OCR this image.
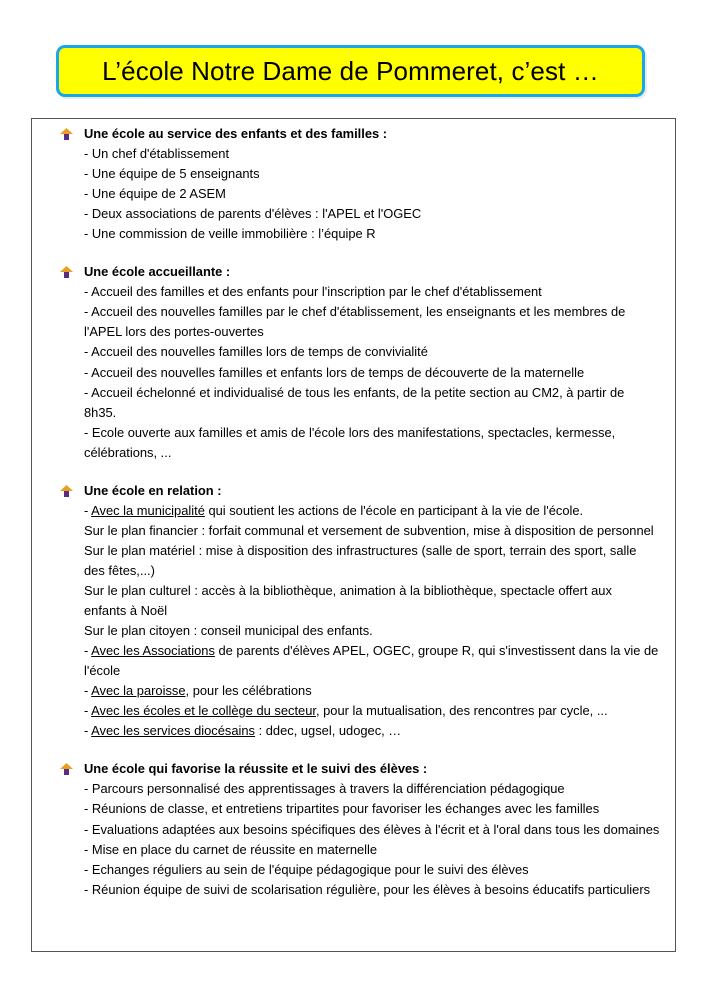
L’école Notre Dame de Pommeret, c’est …
Une école au service des enfants et des familles :
- Un chef d'établissement
- Une équipe de 5 enseignants
- Une équipe de 2 ASEM
- Deux associations de parents d'élèves : l'APEL et l'OGEC
- Une commission de veille immobilière : l’équipe R
Une école accueillante :
- Accueil des familles et des enfants pour l'inscription par le chef d'établissement
- Accueil des nouvelles familles par le chef d'établissement, les enseignants et les membres de
l'APEL lors des portes-ouvertes
- Accueil des nouvelles familles lors de temps de convivialité
- Accueil des nouvelles familles et enfants lors de temps de découverte de la maternelle
- Accueil échelonné et individualisé de tous les enfants, de la petite section au CM2, à partir de
8h35.
- Ecole ouverte aux familles et amis de l'école lors des manifestations, spectacles, kermesse,
célébrations, ...
Une école en relation :
- Avec la municipalité qui soutient les actions de l'école en participant à la vie de l'école.
Sur le plan financier : forfait communal et versement de subvention, mise à disposition de personnel
Sur le plan matériel : mise à disposition des infrastructures (salle de sport, terrain des sport, salle
des fêtes,...)
Sur le plan culturel : accès à la bibliothèque, animation à la bibliothèque, spectacle offert aux
enfants à Noël
Sur le plan citoyen : conseil municipal des enfants.
- Avec les Associations de parents d'élèves APEL, OGEC, groupe R, qui s'investissent dans la vie de
l'école
- Avec la paroisse, pour les célébrations
- Avec les écoles et le collège du secteur, pour la mutualisation, des rencontres par cycle, ...
- Avec les services diocésains : ddec, ugsel, udogec, …
Une école qui favorise la réussite et le suivi des élèves :
- Parcours personnalisé des apprentissages à travers la différenciation pédagogique
- Réunions de classe, et entretiens tripartites pour favoriser les échanges avec les familles
- Evaluations adaptées aux besoins spécifiques des élèves à l'écrit et à l'oral dans tous les domaines
- Mise en place du carnet de réussite en maternelle
- Echanges réguliers au sein de l'équipe pédagogique pour le suivi des élèves
- Réunion équipe de suivi de scolarisation régulière, pour les élèves à besoins éducatifs particuliers
